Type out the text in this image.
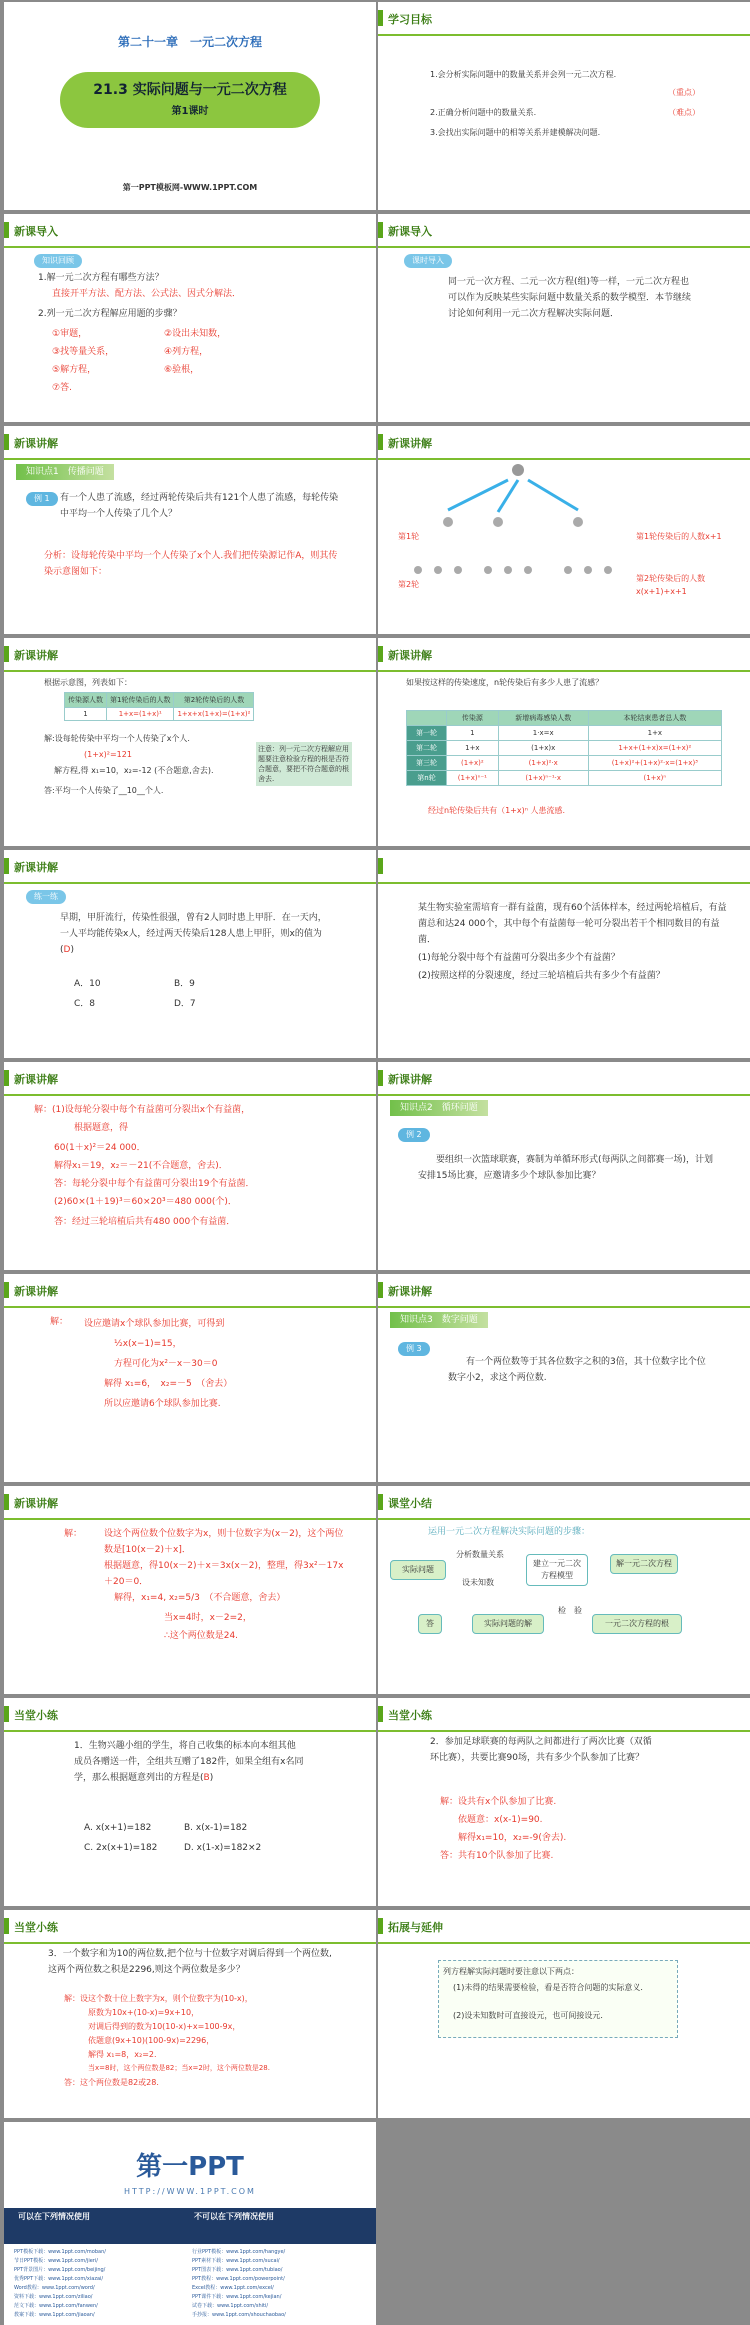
第二十一章　一元二次方程
21.3 实际问题与一元二次方程
第1课时
第一PPT模板网-WWW.1PPT.COM
学习目标
1.会分析实际问题中的数量关系并会列一元二次方程.
（重点）
2.正确分析问题中的数量关系.	（难点）
3.会找出实际问题中的相等关系并建模解决问题.
新课导入
知识回顾
1.解一元二次方程有哪些方法？
直接开平方法、配方法、公式法、因式分解法．
2.列一元二次方程解应用题的步骤？
①审题，	②设出未知数，
③找等量关系，	④列方程，
⑤解方程，	⑥验根，
⑦答.
新课导入
课时导入
同一元一次方程、二元一次方程(组)等一样，一元二次方程也可以作为反映某些实际问题中数量关系的数学模型．本节继续讨论如何利用一元二次方程解决实际问题．
新课讲解
知识点1　传播问题
例 1	有一个人患了流感，经过两轮传染后共有121个人患了流感，每轮传染中平均一个人传染了几个人？
分析：设每轮传染中平均一个人传染了x个人.我们把传染源记作A，则其传染示意图如下：
新课讲解
第1轮
第2轮
第1轮传染后的人数x+1
第2轮传染后的人数x(x+1)+x+1
新课讲解
根据示意图，列表如下：
传染源人数	第1轮传染后的人数	第2轮传染后的人数
1	1+x=(1+x)¹	1+x+x(1+x)=(1+x)²
解:设每轮传染中平均一个人传染了x个人.
(1+x)²=121
解方程,得 x₁=10，x₂=-12 (不合题意,舍去).
答:平均一个人传染了__10__个人.
注意：列一元二次方程解应用题要注意检验方程的根是否符合题意，要把不符合题意的根舍去.
新课讲解
如果按这样的传染速度，n轮传染后有多少人患了流感？
	传染源	新增病毒感染人数	本轮结束患者总人数
第一轮	1	1·x=x	1+x
第二轮	1+x	(1+x)x	1+x+(1+x)x=(1+x)²
第三轮	(1+x)²	(1+x)²·x	(1+x)²+(1+x)²·x=(1+x)³
第n轮	(1+x)ⁿ⁻¹	(1+x)ⁿ⁻¹·x	(1+x)ⁿ
经过n轮传染后共有（1+x)ⁿ 人患流感.
新课讲解
练一练
早期，甲肝流行，传染性很强，曾有2人同时患上甲肝．在一天内，一人平均能传染x人，经过两天传染后128人患上甲肝，则x的值为(D)
A．10	B．9
C．8	D．7
某生物实验室需培育一群有益菌，现有60个活体样本，经过两轮培植后，有益菌总和达24 000个，其中每个有益菌每一轮可分裂出若干个相同数目的有益菌．
(1)每轮分裂中每个有益菌可分裂出多少个有益菌？
(2)按照这样的分裂速度，经过三轮培植后共有多少个有益菌？
新课讲解
解：(1)设每轮分裂中每个有益菌可分裂出x个有益菌，
根据题意，得
60(1＋x)²＝24 000．
解得x₁＝19，x₂＝－21(不合题意，舍去)．
答：每轮分裂中每个有益菌可分裂出19个有益菌．
(2)60×(1＋19)³＝60×20³＝480 000(个)．
答：经过三轮培植后共有480 000个有益菌．
新课讲解
知识点2　循环问题
例 2
要组织一次篮球联赛，赛制为单循环形式(每两队之间都赛一场)，计划安排15场比赛，应邀请多少个球队参加比赛？
新课讲解
解： 设应邀请x个球队参加比赛，可得到
½x(x−1)=15，
方程可化为x²－x－30＝0
解得 x₁=6，　x₂=－5　（舍去）
所以应邀请6个球队参加比赛.
新课讲解
知识点3　数字问题
例 3
有一个两位数等于其各位数字之积的3倍，其十位数字比个位数字小2，求这个两位数.
新课讲解
解： 设这个两位数个位数字为x，则十位数字为(x－2)，这个两位数是[10(x－2)＋x]．
根据题意，得10(x－2)＋x＝3x(x－2)，整理，得3x²－17x＋20＝0．
解得，x₁=4, x₂=5/3　（不合题意，舍去）
当x=4时，x－2=2，
∴这个两位数是24.
课堂小结
运用一元二次方程解决实际问题的步骤：
实际问题
分析数量关系
设未知数
建立一元二次方程模型
解一元二次方程
一元二次方程的根
检　验
实际问题的解
答
当堂小练
1．生物兴趣小组的学生，将自己收集的标本向本组其他成员各赠送一件，全组共互赠了182件，如果全组有x名同学，那么根据题意列出的方程是(B)
A. x(x+1)=182	B. x(x-1)=182
C. 2x(x+1)=182	D. x(1-x)=182×2
当堂小练
2．参加足球联赛的每两队之间都进行了两次比赛（双循环比赛），共要比赛90场，共有多少个队参加了比赛？
解：设共有x个队参加了比赛.
依题意：x(x-1)=90.
解得x₁=10，x₂=-9(舍去).
答：共有10个队参加了比赛.
当堂小练
3．一个数字和为10的两位数,把个位与十位数字对调后得到一个两位数,这两个两位数之积是2296,则这个两位数是多少？
解：设这个数十位上数字为x，则个位数字为(10-x)，
原数为10x+(10-x)=9x+10，
对调后得到的数为10(10-x)+x=100-9x，
依题意(9x+10)(100-9x)=2296，
解得 x₁=8，x₂=2.
当x=8时，这个两位数是82；当x=2时，这个两位数是28.
答：这个两位数是82或28.
拓展与延伸
列方程解实际问题时要注意以下两点：
(1)未得的结果需要检验，看是否符合问题的实际意义．
(2)设未知数时可直接设元，也可间接设元．
第一PPT
HTTP://WWW.1PPT.COM
可以在下列情况使用	不可以在下列情况使用
PPT模板下载：www.1ppt.com/moban/	行业PPT模板：www.1ppt.com/hangye/
节日PPT模板：www.1ppt.com/jieri/	PPT素材下载：www.1ppt.com/sucai/
PPT背景图片：www.1ppt.com/beijing/	PPT图表下载：www.1ppt.com/tubiao/
优秀PPT下载：www.1ppt.com/xiazai/	PPT教程：www.1ppt.com/powerpoint/
Word教程：www.1ppt.com/word/	Excel教程：www.1ppt.com/excel/
资料下载：www.1ppt.com/ziliao/	PPT课件下载：www.1ppt.com/kejian/
范文下载：www.1ppt.com/fanwen/	试卷下载：www.1ppt.com/shiti/
教案下载：www.1ppt.com/jiaoan/	手抄报：www.1ppt.com/shouchaobao/
